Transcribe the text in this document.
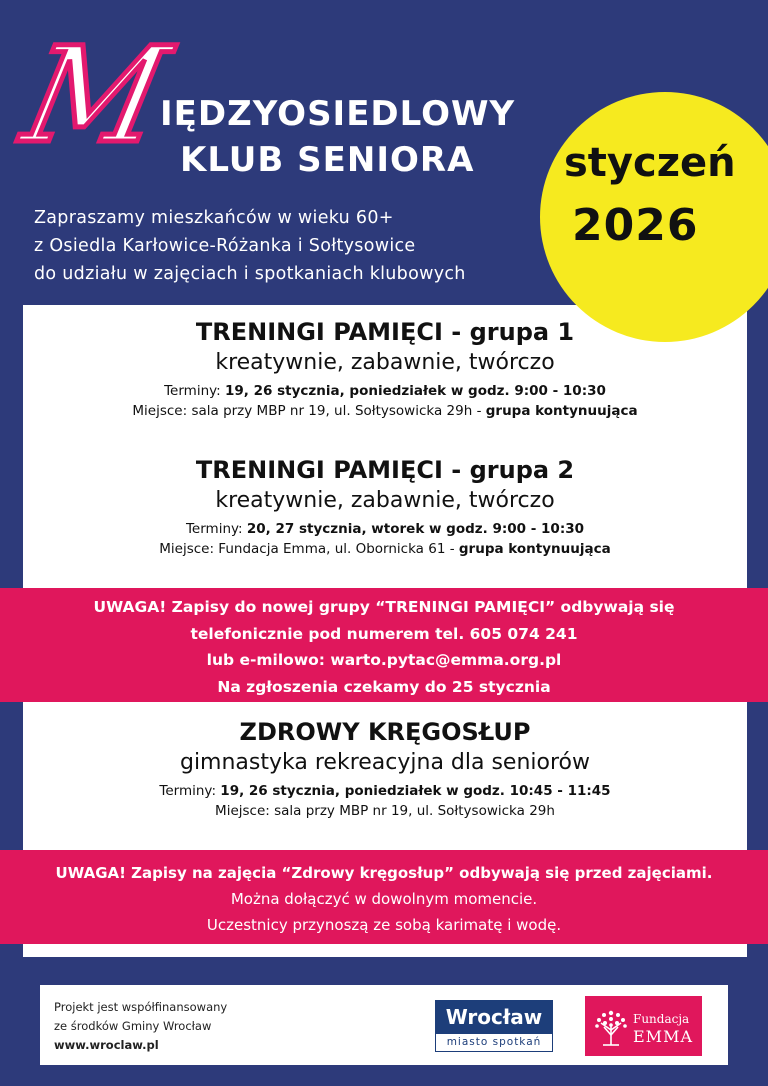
M
IĘDZYOSIEDLOWY
KLUB SENIORA
Zapraszamy mieszkańców w wieku 60+
z Osiedla Karłowice-Różanka i Sołtysowice
do udziału w zajęciach i spotkaniach klubowych
styczeń
2026
TRENINGI PAMIĘCI - grupa 1
kreatywnie, zabawnie, twórczo
Terminy: 19, 26 stycznia, poniedziałek w godz. 9:00 - 10:30
Miejsce: sala przy MBP nr 19, ul. Sołtysowicka 29h - grupa kontynuująca
TRENINGI PAMIĘCI - grupa 2
kreatywnie, zabawnie, twórczo
Terminy: 20, 27 stycznia, wtorek w godz. 9:00 - 10:30
Miejsce: Fundacja Emma, ul. Obornicka 61 - grupa kontynuująca
UWAGA! Zapisy do nowej grupy “TRENINGI PAMIĘCI” odbywają się
telefonicznie pod numerem tel. 605 074 241
lub e-milowo: warto.pytac@emma.org.pl
Na zgłoszenia czekamy do 25 stycznia
ZDROWY KRĘGOSŁUP
gimnastyka rekreacyjna dla seniorów
Terminy: 19, 26 stycznia, poniedziałek w godz. 10:45 - 11:45
Miejsce: sala przy MBP nr 19, ul. Sołtysowicka 29h
UWAGA! Zapisy na zajęcia “Zdrowy kręgosłup” odbywają się przed zajęciami.
Można dołączyć w dowolnym momencie.
Uczestnicy przynoszą ze sobą karimatę i wodę.
Projekt jest współfinansowany
ze środków Gminy Wrocław
www.wroclaw.pl
Wrocław
miasto spotkań
Fundacja
EMMA
